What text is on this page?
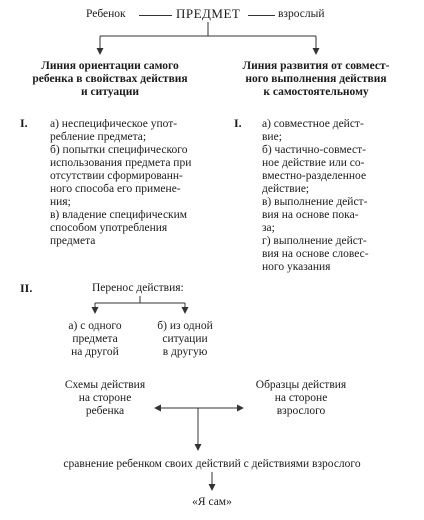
Ребенок	ПРЕДМЕТ	взрослый
Линия ориентации самого
ребенка в свойствах действия
и ситуации
Линия развития от совмест-
ного выполнения действия
к самостоятельному
I. а) неспецифическое упот-
ребление предмета;
б) попытки специфического
использования предмета при
отсутствии сформированн-
ного способа его примене-
ния;
в) владение специфическим
способом употребления
предмета
I. а) совместное дейст-
вие;
б) частично-совмест-
ное действие или со-
вместно-разделенное
действие;
в) выполнение дейст-
вия на основе пока-
за;
г) выполнение дейст-
вия на основе словес-
ного указания
II.	Перенос действия:
а) с одного
предмета
на другой
б) из одной
ситуации
в другую
Схемы действия
на стороне
ребенка
Образцы действия
на стороне
взрослого
сравнение ребенком своих действий с действиями взрослого
«Я сам»
